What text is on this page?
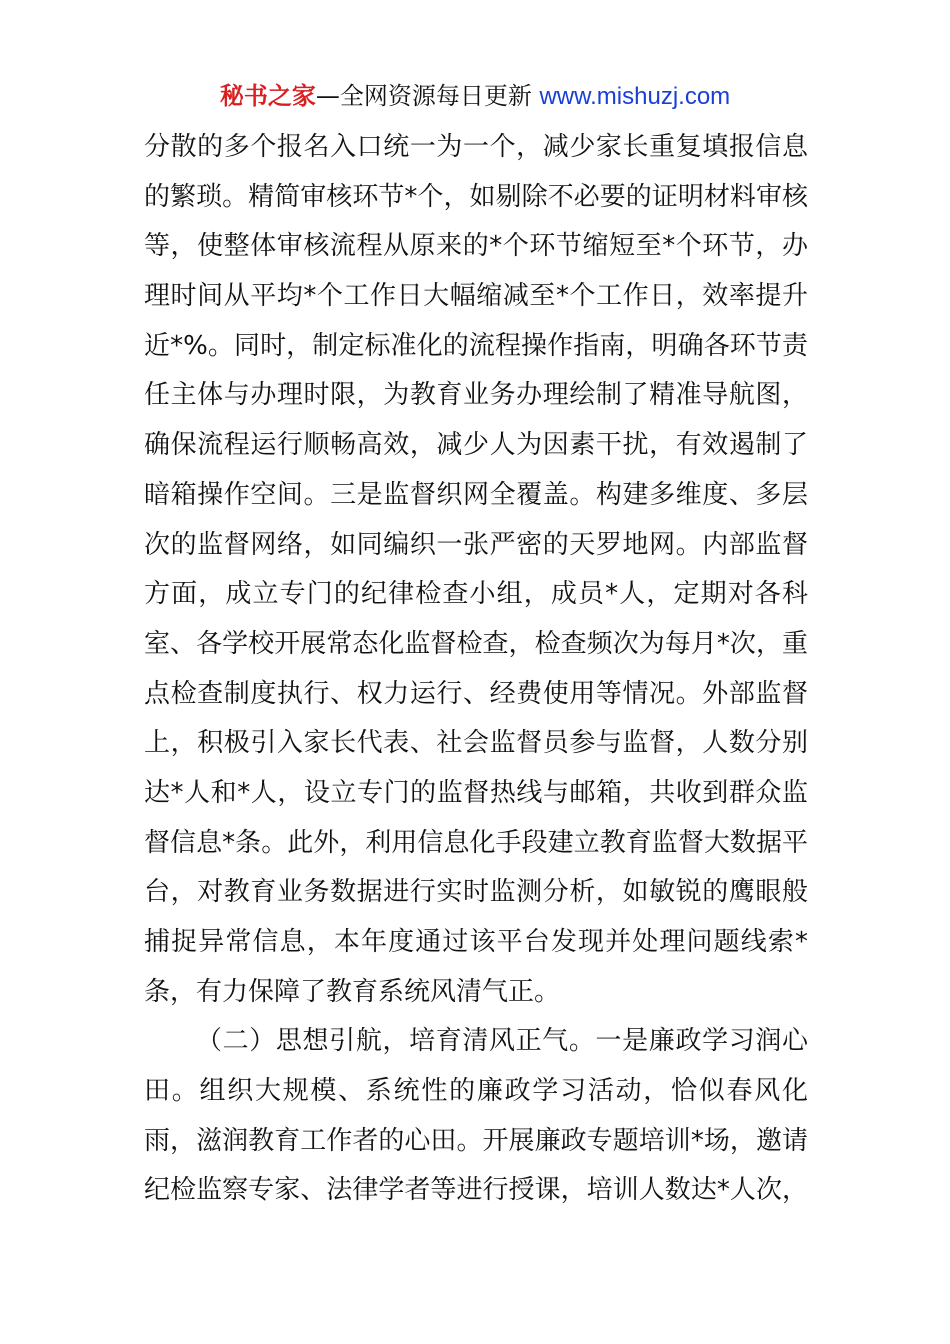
秘书之家—全网资源每日更新 www.mishuzj.com
分散的多个报名入口统一为一个，减少家长重复填报信息
的繁琐。精简审核环节*个，如剔除不必要的证明材料审核
等，使整体审核流程从原来的*个环节缩短至*个环节，办
理时间从平均*个工作日大幅缩减至*个工作日，效率提升
近*%。同时，制定标准化的流程操作指南，明确各环节责
任主体与办理时限，为教育业务办理绘制了精准导航图，
确保流程运行顺畅高效，减少人为因素干扰，有效遏制了
暗箱操作空间。三是监督织网全覆盖。构建多维度、多层
次的监督网络，如同编织一张严密的天罗地网。内部监督
方面，成立专门的纪律检查小组，成员*人，定期对各科
室、各学校开展常态化监督检查，检查频次为每月*次，重
点检查制度执行、权力运行、经费使用等情况。外部监督
上，积极引入家长代表、社会监督员参与监督，人数分别
达*人和*人，设立专门的监督热线与邮箱，共收到群众监
督信息*条。此外，利用信息化手段建立教育监督大数据平
台，对教育业务数据进行实时监测分析，如敏锐的鹰眼般
捕捉异常信息，本年度通过该平台发现并处理问题线索*
条，有力保障了教育系统风清气正。
（二）思想引航，培育清风正气。一是廉政学习润心
田。组织大规模、系统性的廉政学习活动，恰似春风化
雨，滋润教育工作者的心田。开展廉政专题培训*场，邀请
纪检监察专家、法律学者等进行授课，培训人数达*人次，
